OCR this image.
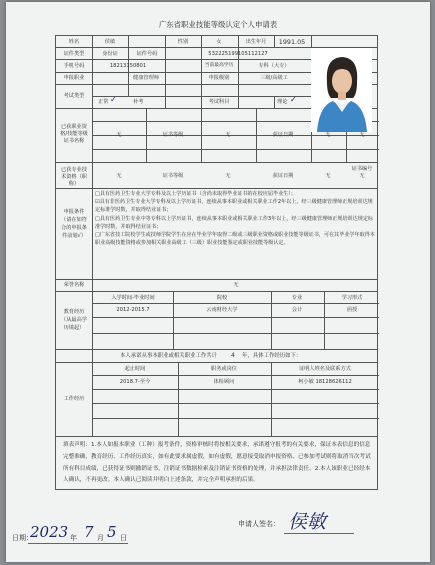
广东省职业技能等级认定个人申请表
姓名	侯敏	性别	女	出生年月 1991.05
证件类型	身份证	证件号码	532225199105112127
手机号码	18213150801	当前最高学历	专科（大专）
申报职业	健康管理师	申报级别	三级/高级工
考试类型
正常 ✓	补考	考试科目	理论 ✓
已获职业资格/技能等级证书名称
无	证书等级	无	获证日期	无	无
已获专业技术资格（职称）
无	证书等级	无	获证日期	无
证书编号
无
申报条件（请在如符合的申报条件前划√）
□具有医药卫生专业大学专科及以上学历证书（含尚未取得毕业证书的在校应届毕业生）；
☑具有非医药卫生专业大学专科及以上学历证书，连续从事本职业或相关职业工作2年以上，经三级健康管理师正规培训达规定标准学时数，并取得结业证书；
□具有医药卫生专业中等专科以上学历证书，连续从事本职业或相关职业工作3年以上，经三级健康管理师正规培训达规定标准学时数，并取得结业证书；
□广东省技工院校学生或技师学院学生在应在毕业学年取得二级或三级职业资格或职业技能等级证书，可在其毕业学年取得本职业高级技能资格或参加相关职业高级工（三级）职业技能鉴定或职业技能等级认定。
荣誉名称	无
教育经历（从最高学历填起）
入学时间-毕业时间	院校	专业	学习形式
2012-2015.7	云南财经大学	会计	函授
本人承诺从事本职业或相关职业工作共计 4 年，具体工作经历如下：
工作经历
起止时间	职务或岗位	证明人姓名及联系方式
2018.7-至今	体检顾问	柯小敏 18128626112
填表声明：1.本人如报本职业（工种）报考条件，资格审核时将按相关要求，承诺遵守报考的有关要求，保证本表信息的信息完整准确，教育经历、工作经历真实，如有此要求属虚假，如有虚假，愿意接受取消申报资格、已参加考试则将取消当次考试所有科目成绩，已获得证书则撤销证书，注销证书数据检索及注销证书资格的处理，并承担法律责任。2.本人该职业已经经本人确认，不再更改。本人确认已阅读并明白上述条款，并完全声明承担的后果。
申请人签名： 侯敏
日期：
2023 年 7 月 5 日
